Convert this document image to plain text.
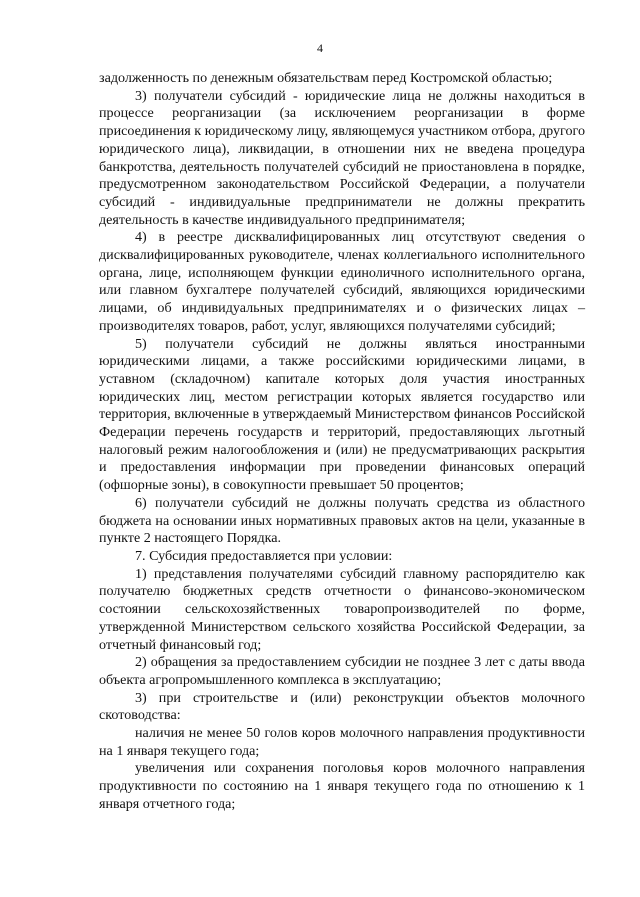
4

задолженность по денежным обязательствам перед Костромской областью;

3) получатели субсидий - юридические лица не должны находиться в процессе реорганизации (за исключением реорганизации в форме присоединения к юридическому лицу, являющемуся участником отбора, другого юридического лица), ликвидации, в отношении них не введена процедура банкротства, деятельность получателей субсидий не приостановлена в порядке, предусмотренном законодательством Российской Федерации, а получатели субсидий - индивидуальные предприниматели не должны прекратить деятельность в качестве индивидуального предпринимателя;

4) в реестре дисквалифицированных лиц отсутствуют сведения о дисквалифицированных руководителе, членах коллегиального исполнительного органа, лице, исполняющем функции единоличного исполнительного органа, или главном бухгалтере получателей субсидий, являющихся юридическими лицами, об индивидуальных предпринимателях и о физических лицах – производителях товаров, работ, услуг, являющихся получателями субсидий;

5) получатели субсидий не должны являться иностранными юридическими лицами, а также российскими юридическими лицами, в уставном (складочном) капитале которых доля участия иностранных юридических лиц, местом регистрации которых является государство или территория, включенные в утверждаемый Министерством финансов Российской Федерации перечень государств и территорий, предоставляющих льготный налоговый режим налогообложения и (или) не предусматривающих раскрытия и предоставления информации при проведении финансовых операций (офшорные зоны), в совокупности превышает 50 процентов;

6) получатели субсидий не должны получать средства из областного бюджета на основании иных нормативных правовых актов на цели, указанные в пункте 2 настоящего Порядка.

7. Субсидия предоставляется при условии:

1) представления получателями субсидий главному распорядителю как получателю бюджетных средств отчетности о финансово-экономическом состоянии сельскохозяйственных товаропроизводителей по форме, утвержденной Министерством сельского хозяйства Российской Федерации, за отчетный финансовый год;

2) обращения за предоставлением субсидии не позднее 3 лет с даты ввода объекта агропромышленного комплекса в эксплуатацию;

3) при строительстве и (или) реконструкции объектов молочного скотоводства:

наличия не менее 50 голов коров молочного направления продуктивности на 1 января текущего года;

увеличения или сохранения поголовья коров молочного направления продуктивности по состоянию на 1 января текущего года по отношению к 1 января отчетного года;
